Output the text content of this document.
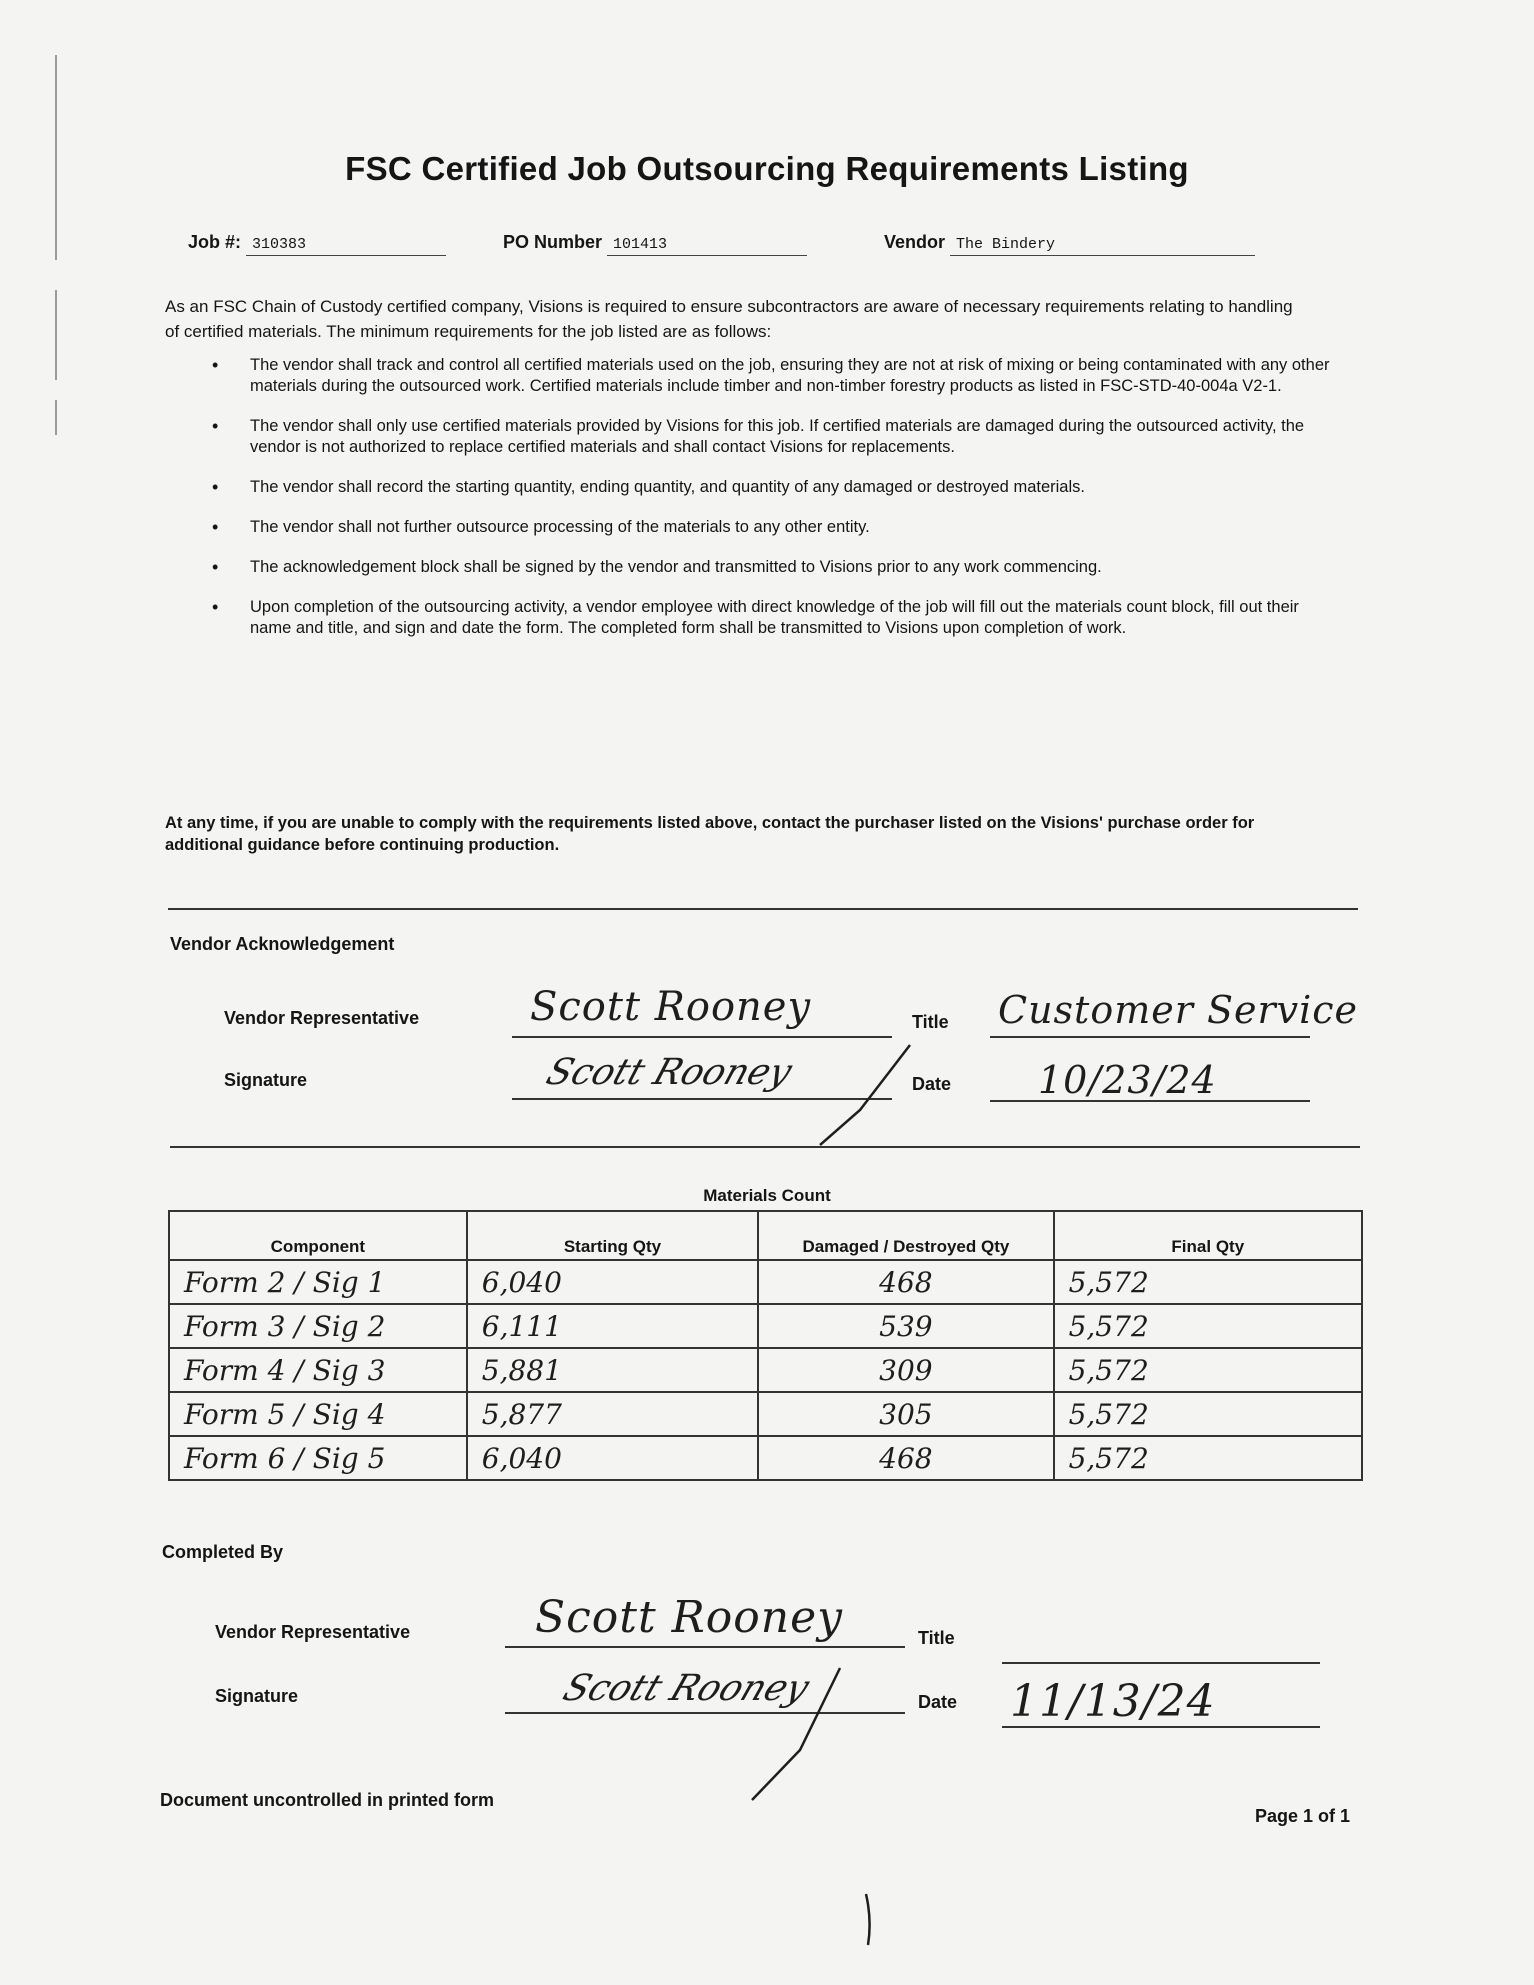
FSC Certified Job Outsourcing Requirements Listing
Job #: 310383	PO Number 101413	Vendor The Bindery
As an FSC Chain of Custody certified company, Visions is required to ensure subcontractors are aware of necessary requirements relating to handling of certified materials. The minimum requirements for the job listed are as follows:
• The vendor shall track and control all certified materials used on the job, ensuring they are not at risk of mixing or being contaminated with any other materials during the outsourced work. Certified materials include timber and non-timber forestry products as listed in FSC-STD-40-004a V2-1.
• The vendor shall only use certified materials provided by Visions for this job. If certified materials are damaged during the outsourced activity, the vendor is not authorized to replace certified materials and shall contact Visions for replacements.
• The vendor shall record the starting quantity, ending quantity, and quantity of any damaged or destroyed materials.
• The vendor shall not further outsource processing of the materials to any other entity.
• The acknowledgement block shall be signed by the vendor and transmitted to Visions prior to any work commencing.
• Upon completion of the outsourcing activity, a vendor employee with direct knowledge of the job will fill out the materials count block, fill out their name and title, and sign and date the form. The completed form shall be transmitted to Visions upon completion of work.
At any time, if you are unable to comply with the requirements listed above, contact the purchaser listed on the Visions' purchase order for additional guidance before continuing production.
Vendor Acknowledgement
Vendor Representative	Scott Rooney	Title Customer Service
Signature	Scott Rooney	Date 10/23/24
Materials Count
Component	Starting Qty	Damaged / Destroyed Qty	Final Qty
Form 2 / Sig 1	6,040	468	5,572
Form 3 / Sig 2	6,111	539	5,572
Form 4 / Sig 3	5,881	309	5,572
Form 5 / Sig 4	5,877	305	5,572
Form 6 / Sig 5	6,040	468	5,572
Completed By
Vendor Representative	Scott Rooney	Title
Signature	Scott Rooney	Date 11/13/24
Document uncontrolled in printed form
Page 1 of 1
